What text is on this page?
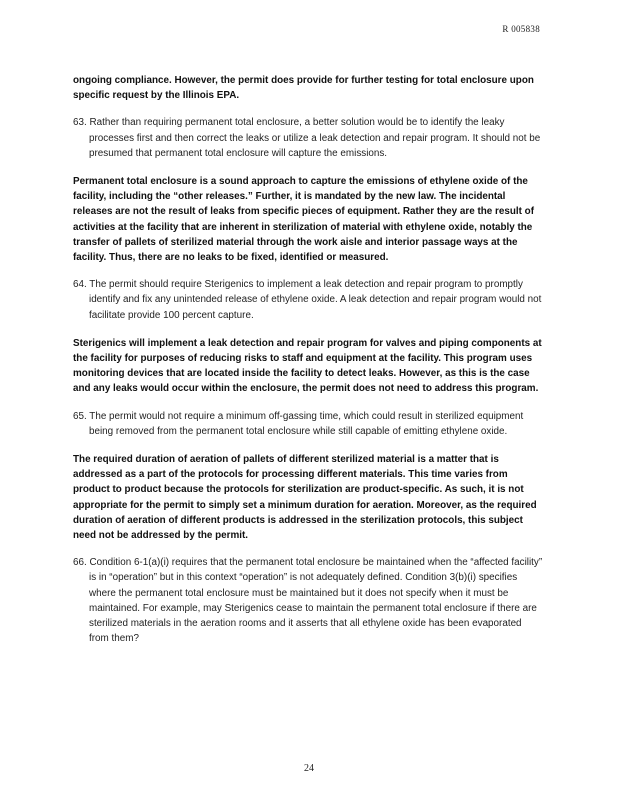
R 005838

ongoing compliance. However, the permit does provide for further testing for total enclosure upon specific request by the Illinois EPA.

63. Rather than requiring permanent total enclosure, a better solution would be to identify the leaky processes first and then correct the leaks or utilize a leak detection and repair program. It should not be presumed that permanent total enclosure will capture the emissions.

Permanent total enclosure is a sound approach to capture the emissions of ethylene oxide of the facility, including the “other releases.” Further, it is mandated by the new law. The incidental releases are not the result of leaks from specific pieces of equipment. Rather they are the result of activities at the facility that are inherent in sterilization of material with ethylene oxide, notably the transfer of pallets of sterilized material through the work aisle and interior passage ways at the facility. Thus, there are no leaks to be fixed, identified or measured.

64. The permit should require Sterigenics to implement a leak detection and repair program to promptly identify and fix any unintended release of ethylene oxide. A leak detection and repair program would not facilitate provide 100 percent capture.

Sterigenics will implement a leak detection and repair program for valves and piping components at the facility for purposes of reducing risks to staff and equipment at the facility. This program uses monitoring devices that are located inside the facility to detect leaks. However, as this is the case and any leaks would occur within the enclosure, the permit does not need to address this program.

65. The permit would not require a minimum off-gassing time, which could result in sterilized equipment being removed from the permanent total enclosure while still capable of emitting ethylene oxide.

The required duration of aeration of pallets of different sterilized material is a matter that is addressed as a part of the protocols for processing different materials. This time varies from product to product because the protocols for sterilization are product-specific. As such, it is not appropriate for the permit to simply set a minimum duration for aeration. Moreover, as the required duration of aeration of different products is addressed in the sterilization protocols, this subject need not be addressed by the permit.

66. Condition 6-1(a)(i) requires that the permanent total enclosure be maintained when the “affected facility” is in “operation” but in this context “operation” is not adequately defined. Condition 3(b)(i) specifies where the permanent total enclosure must be maintained but it does not specify when it must be maintained. For example, may Sterigenics cease to maintain the permanent total enclosure if there are sterilized materials in the aeration rooms and it asserts that all ethylene oxide has been evaporated from them?

24
